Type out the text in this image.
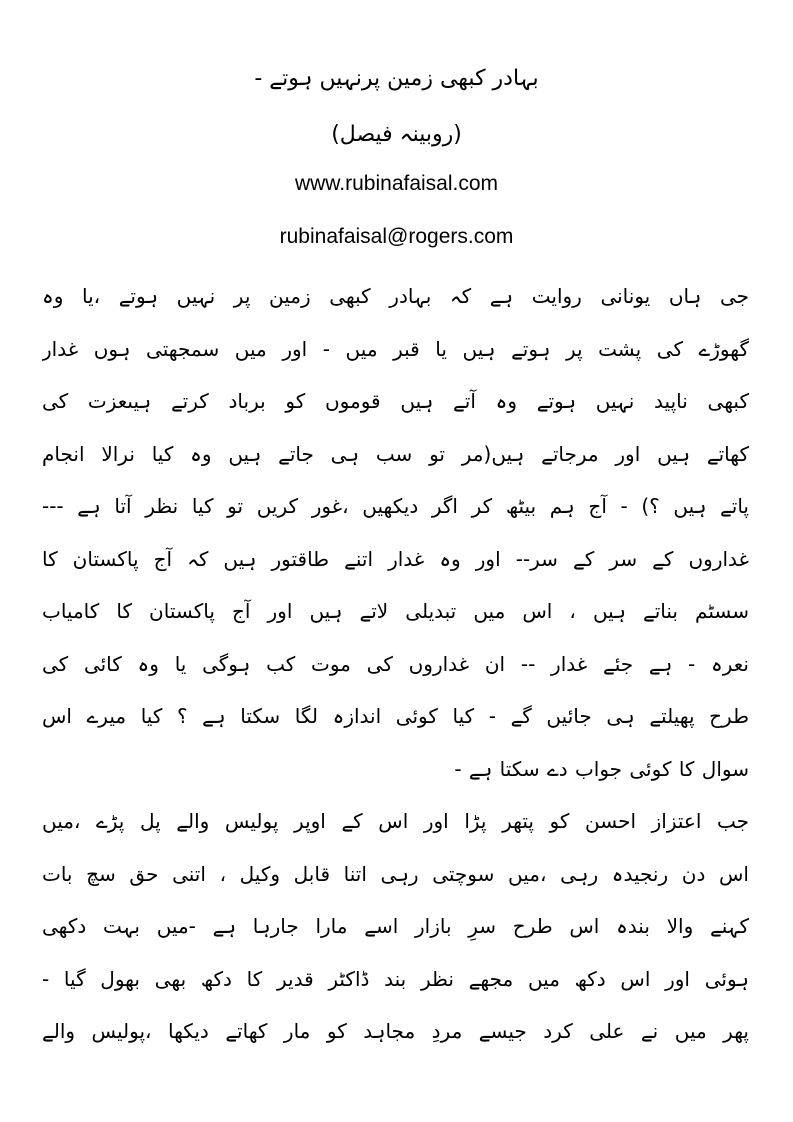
بہادر کبھی زمین پرنہیں ہوتے -
(روبینہ فیصل)
www.rubinafaisal.com
rubinafaisal@rogers.com
جی ہاں یونانی روایت ہے کہ بہادر کبھی زمین پر نہیں ہوتے ،یا وہ
گھوڑے کی پشت پر ہوتے ہیں یا قبر میں - اور میں سمجھتی ہوں غدار
کبھی ناپید نہیں ہوتے وہ آتے ہیں قوموں کو برباد کرتے ہیںعزت کی
کھاتے ہیں اور مرجاتے ہیں(مر تو سب ہی جاتے ہیں وہ کیا نرالا انجام
پاتے ہیں ؟) - آج ہم بیٹھ کر اگر دیکھیں ،غور کریں تو کیا نظر آتا ہے ---
غداروں کے سر کے سر-- اور وہ غدار اتنے طاقتور ہیں کہ آج پاکستان کا
سسٹم بناتے ہیں ، اس میں تبدیلی لاتے ہیں اور آج پاکستان کا کامیاب
نعرہ - ہے جئے غدار -- ان غداروں کی موت کب ہوگی یا وہ کائی کی
طرح پھیلتے ہی جائیں گے - کیا کوئی اندازہ لگا سکتا ہے ؟ کیا میرے اس
سوال کا کوئی جواب دے سکتا ہے -
جب اعتزاز احسن کو پتھر پڑا اور اس کے اوپر پولیس والے پل پڑے ،میں
اس دن رنجیدہ رہی ،میں سوچتی رہی اتنا قابل وکیل ، اتنی حق سچ بات
کہنے والا بندہ اس طرح سرِ بازار اسے مارا جارہا ہے -میں بہت دکھی
ہوئی اور اس دکھ میں مجھے نظر بند ڈاکٹر قدیر کا دکھ بھی بھول گیا -
پھر میں نے علی کرد جیسے مردِ مجاہد کو مار کھاتے دیکھا ،پولیس والے
